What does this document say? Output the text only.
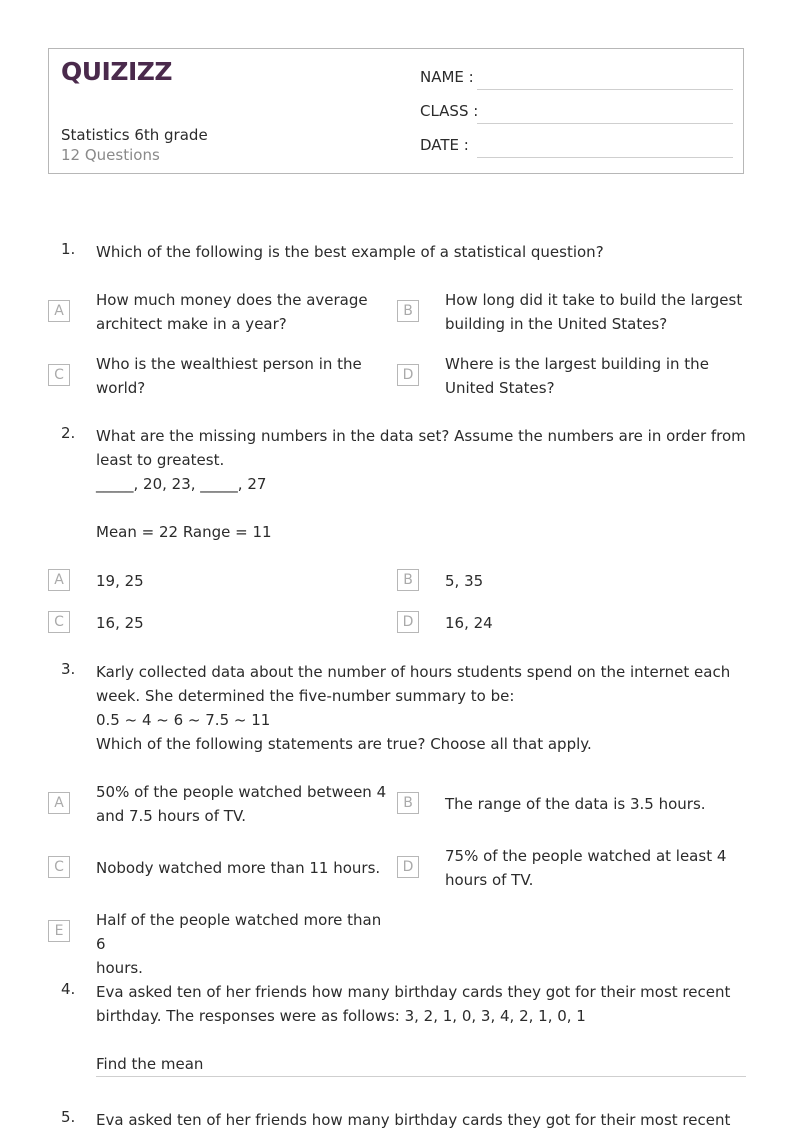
QUIZIZZ
Statistics 6th grade
12 Questions
NAME :
CLASS :
DATE :
1. Which of the following is the best example of a statistical question?
A
How much money does the average
architect make in a year?
B
How long did it take to build the largest
building in the United States?
C
Who is the wealthiest person in the
world?
D
Where is the largest building in the
United States?
2. What are the missing numbers in the data set? Assume the numbers are in order from
least to greatest.
_____, 20, 23, _____, 27
Mean = 22 Range = 11
A	19, 25	B	5, 35
C	16, 25	D	16, 24
3. Karly collected data about the number of hours students spend on the internet each
week. She determined the five-number summary to be:
0.5 ~ 4 ~ 6 ~ 7.5 ~ 11
Which of the following statements are true? Choose all that apply.
A
50% of the people watched between 4
and 7.5 hours of TV.
B	The range of the data is 3.5 hours.
C	Nobody watched more than 11 hours.	D
75% of the people watched at least 4
hours of TV.
E
Half of the people watched more than 6
hours.
4. Eva asked ten of her friends how many birthday cards they got for their most recent
birthday. The responses were as follows: 3, 2, 1, 0, 3, 4, 2, 1, 0, 1
Find the mean
5. Eva asked ten of her friends how many birthday cards they got for their most recent
